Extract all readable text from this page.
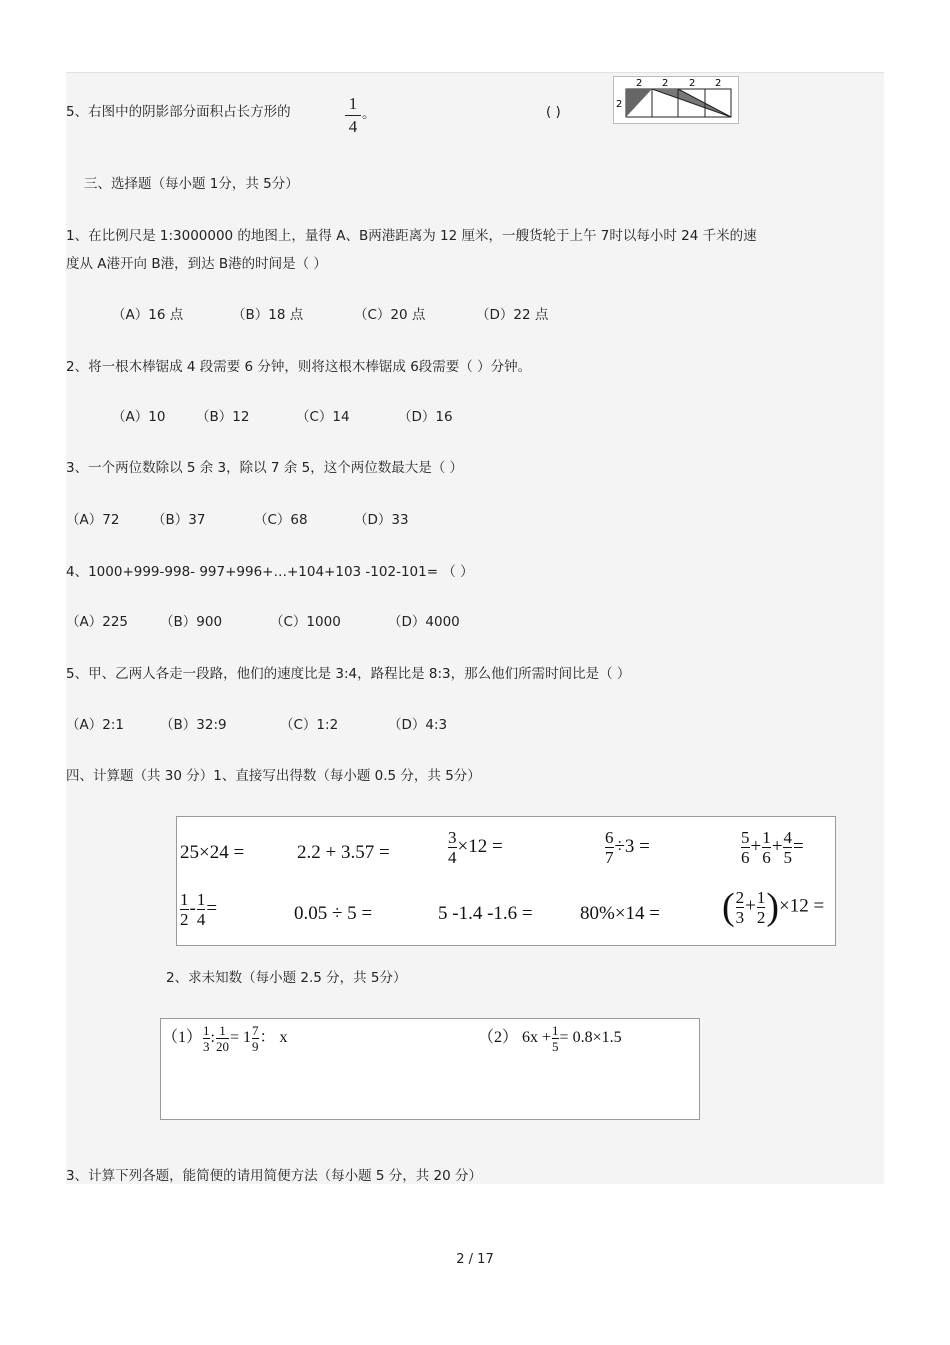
5、右图中的阴影部分面积占长方形的	1
4
。	( )
2 2 2 2
2
三、选择题（每小题 1分，共 5分）
1、在比例尺是 1:3000000 的地图上，量得 A、B两港距离为 12 厘米，一艘货轮于上午 7时以每小时 24 千米的速
度从 A港开向 B港，到达 B港的时间是（ ）
（A）16 点	（B）18 点	（C）20 点	（D）22 点
2、将一根木棒锯成 4 段需要 6 分钟，则将这根木棒锯成 6段需要（ ）分钟。
（A）10 （B）12	（C）14	（D）16
3、一个两位数除以 5 余 3，除以 7 余 5，这个两位数最大是（ ）
（A）72 （B）37	（C）68	（D）33
4、1000+999-998- 997+996+…+104+103 -102-101= （ ）
（A）225 （B）900	（C）1000	（D）4000
5、甲、乙两人各走一段路，他们的速度比是 3:4，路程比是 8:3，那么他们所需时间比是（ ）
（A）2:1	（B）32:9	（C）1:2	（D）4:3
四、计算题（共 30 分）1、直接写出得数（每小题 0.5 分，共 5分）
25×24 =	2.2 + 3.57 =	$\frac{3}{4} \times 12$ =	$\frac{6}{7} \div 3$ =	$\frac{5}{6} + \frac{1}{6} + \frac{4}{5}$ =
$\frac{1}{2} - \frac{1}{4}$ =	0.05 ÷ 5 =	5 -1.4 -1.6 = 80%×14 = ( $\frac{2}{3} + \frac{1}{2} )\times 12$ =
2、求未知数（每小题 2.5 分，共 5分）
$(1) \frac{1}{3}$ : $\frac{1}{20} = 1 \frac{7}{9}$ ： x	（2） $6x + \frac{1}{5} = 0.8\times 1.5$
3、计算下列各题，能简便的请用简便方法（每小题 5 分，共 20 分）
2 / 17
